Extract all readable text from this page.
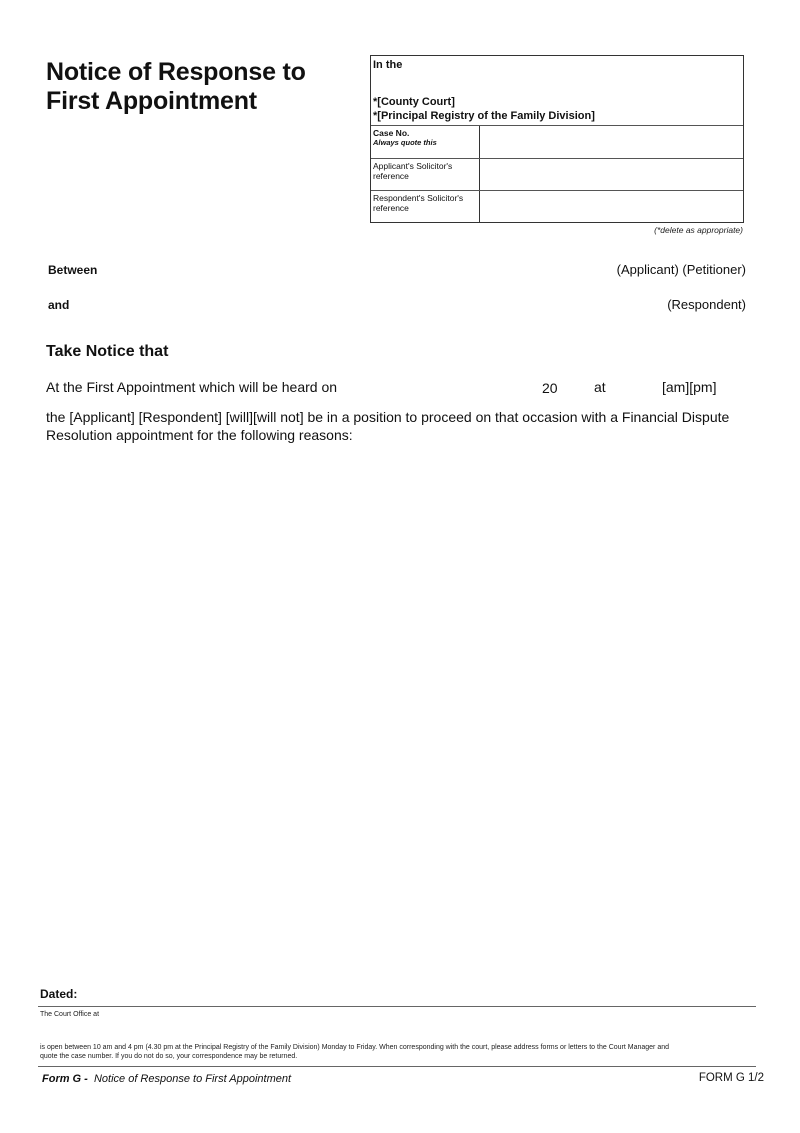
Notice of Response to
First Appointment
In the
*[County Court]
*[Principal Registry of the Family Division]
Case No.
Always quote this
Applicant's Solicitor's reference
Respondent's Solicitor's reference
(*delete as appropriate)
Between	(Applicant) (Petitioner)
and	(Respondent)
Take Notice that
At the First Appointment which will be heard on	20	at	[am][pm]
the [Applicant] [Respondent] [will][will not] be in a position to proceed on that occasion with a Financial Dispute
Resolution appointment for the following reasons:
Dated:
The Court Office at
is open between 10 am and 4 pm (4.30 pm at the Principal Registry of the Family Division) Monday to Friday. When corresponding with the court, please address forms or letters to the Court Manager and
quote the case number. If you do not do so, your correspondence may be returned.
Form G - Notice of Response to First Appointment	FORM G 1/2
